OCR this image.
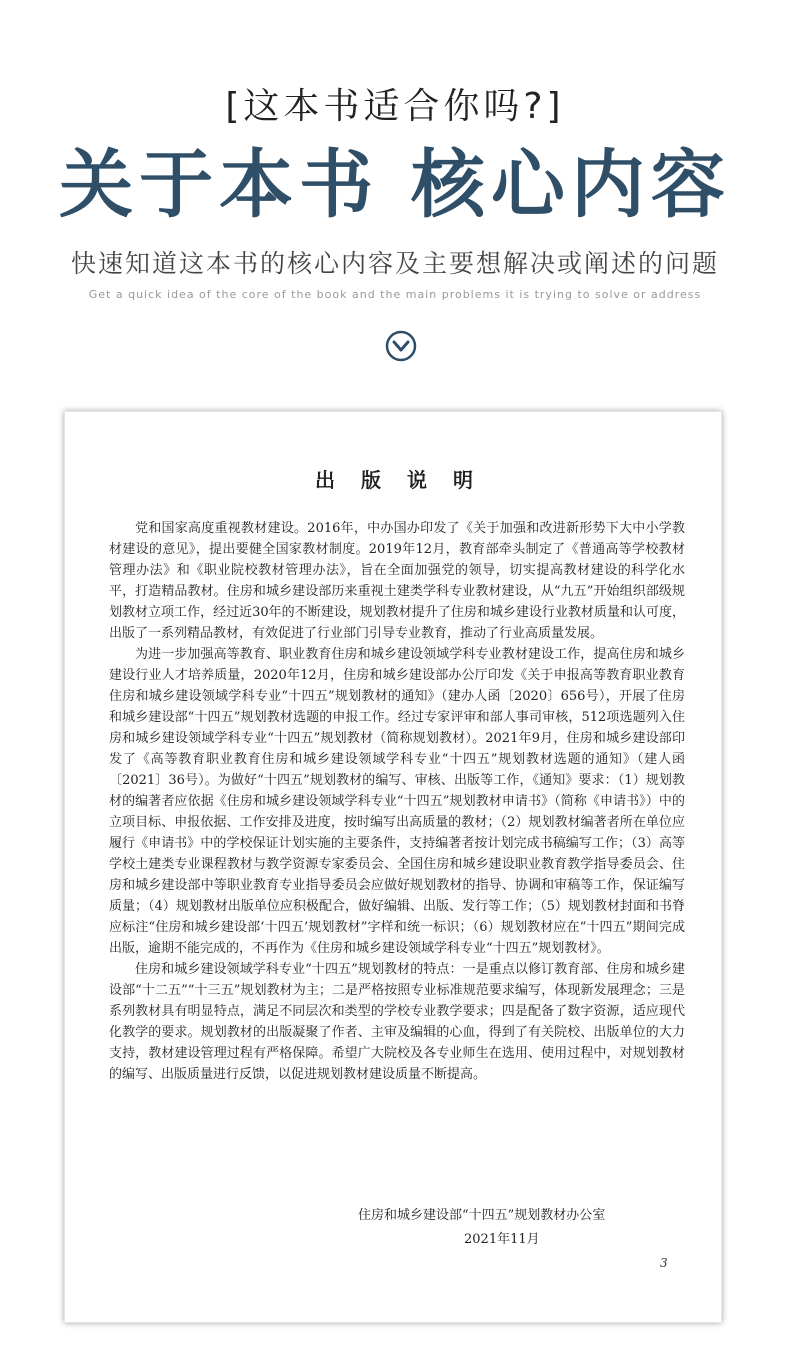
[这本书适合你吗?]
关于本书 核心内容
快速知道这本书的核心内容及主要想解决或阐述的问题
Get a quick idea of the core of the book and the main problems it is trying to solve or address
出版说明

党和国家高度重视教材建设。2016年，中办国办印发了《关于加强和改进新形势下大中小学教材建设的意见》，提出要健全国家教材制度。2019年12月，教育部牵头制定了《普通高等学校教材管理办法》和《职业院校教材管理办法》，旨在全面加强党的领导，切实提高教材建设的科学化水平，打造精品教材。住房和城乡建设部历来重视土建类学科专业教材建设，从“九五”开始组织部级规划教材立项工作，经过近30年的不断建设，规划教材提升了住房和城乡建设行业教材质量和认可度，出版了一系列精品教材，有效促进了行业部门引导专业教育，推动了行业高质量发展。

为进一步加强高等教育、职业教育住房和城乡建设领域学科专业教材建设工作，提高住房和城乡建设行业人才培养质量，2020年12月，住房和城乡建设部办公厅印发《关于申报高等教育职业教育住房和城乡建设领域学科专业“十四五”规划教材的通知》（建办人函〔2020〕656号），开展了住房和城乡建设部“十四五”规划教材选题的申报工作。经过专家评审和部人事司审核，512项选题列入住房和城乡建设领域学科专业“十四五”规划教材（简称规划教材）。2021年9月，住房和城乡建设部印发了《高等教育职业教育住房和城乡建设领域学科专业“十四五”规划教材选题的通知》（建人函〔2021〕36号）。为做好“十四五”规划教材的编写、审核、出版等工作，《通知》要求：（1）规划教材的编著者应依据《住房和城乡建设领域学科专业“十四五”规划教材申请书》（简称《申请书》）中的立项目标、申报依据、工作安排及进度，按时编写出高质量的教材；（2）规划教材编著者所在单位应履行《申请书》中的学校保证计划实施的主要条件，支持编著者按计划完成书稿编写工作；（3）高等学校土建类专业课程教材与教学资源专家委员会、全国住房和城乡建设职业教育教学指导委员会、住房和城乡建设部中等职业教育专业指导委员会应做好规划教材的指导、协调和审稿等工作，保证编写质量；（4）规划教材出版单位应积极配合，做好编辑、出版、发行等工作；（5）规划教材封面和书脊应标注“住房和城乡建设部‘十四五’规划教材”字样和统一标识；（6）规划教材应在“十四五”期间完成出版，逾期不能完成的，不再作为《住房和城乡建设领域学科专业“十四五”规划教材》。

住房和城乡建设领域学科专业“十四五”规划教材的特点：一是重点以修订教育部、住房和城乡建设部“十二五”“十三五”规划教材为主；二是严格按照专业标准规范要求编写，体现新发展理念；三是系列教材具有明显特点，满足不同层次和类型的学校专业教学要求；四是配备了数字资源，适应现代化教学的要求。规划教材的出版凝聚了作者、主审及编辑的心血，得到了有关院校、出版单位的大力支持，教材建设管理过程有严格保障。希望广大院校及各专业师生在选用、使用过程中，对规划教材的编写、出版质量进行反馈，以促进规划教材建设质量不断提高。

住房和城乡建设部“十四五”规划教材办公室
2021年11月
3
